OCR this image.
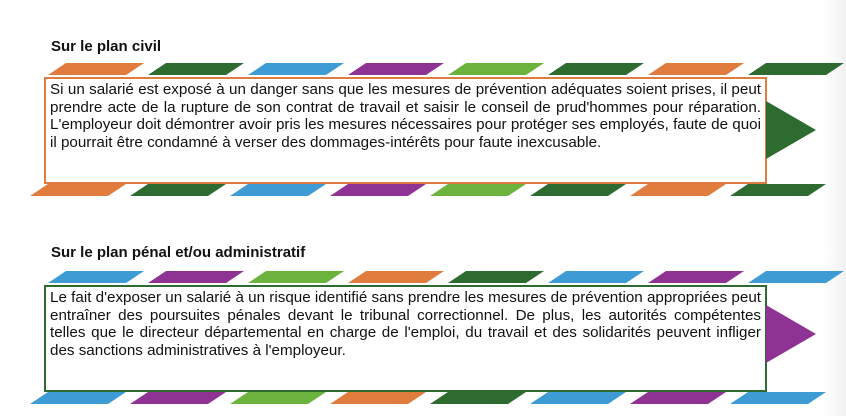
Sur le plan civil
Si un salarié est exposé à un danger sans que les mesures de prévention adéquates soient prises, il peut prendre acte de la rupture de son contrat de travail et saisir le conseil de prud'hommes pour réparation. L'employeur doit démontrer avoir pris les mesures nécessaires pour protéger ses employés, faute de quoi il pourrait être condamné à verser des dommages-intérêts pour faute inexcusable.
Sur le plan pénal et/ou administratif
Le fait d'exposer un salarié à un risque identifié sans prendre les mesures de prévention appropriées peut entraîner des poursuites pénales devant le tribunal correctionnel. De plus, les autorités compétentes telles que le directeur départemental en charge de l'emploi, du travail et des solidarités peuvent infliger des sanctions administratives à l'employeur.
